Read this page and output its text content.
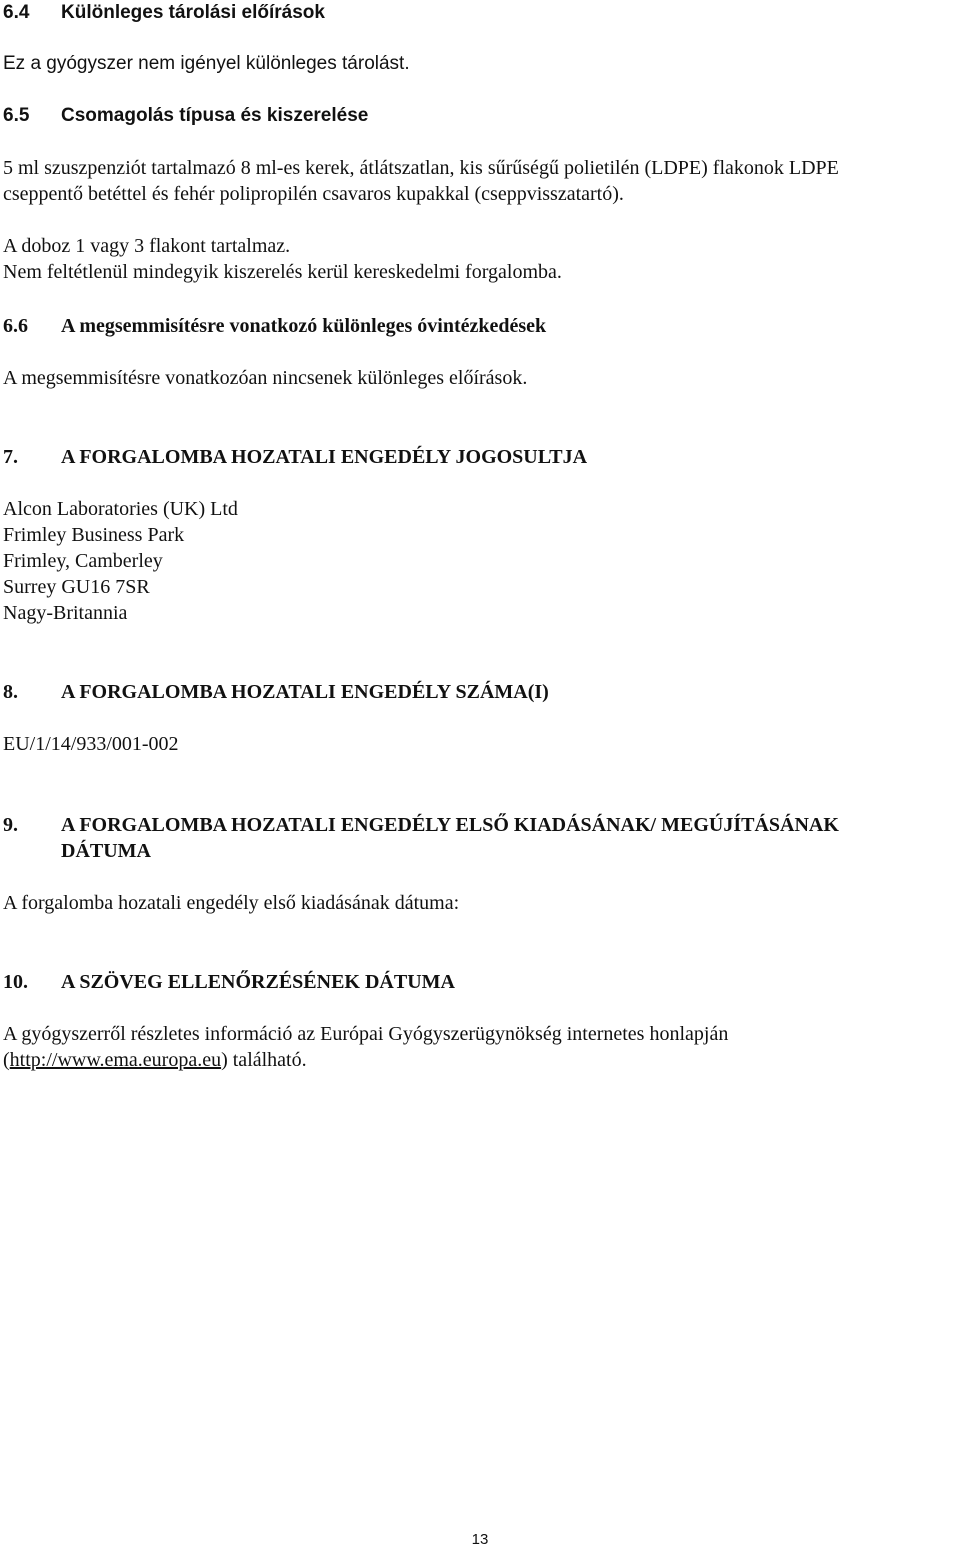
6.4 Különleges tárolási előírások
Ez a gyógyszer nem igényel különleges tárolást.
6.5 Csomagolás típusa és kiszerelése
5 ml szuszpenziót tartalmazó 8 ml-es kerek, átlátszatlan, kis sűrűségű polietilén (LDPE) flakonok LDPE
cseppentő betéttel és fehér polipropilén csavaros kupakkal (cseppvisszatartó).
A doboz 1 vagy 3 flakont tartalmaz.
Nem feltétlenül mindegyik kiszerelés kerül kereskedelmi forgalomba.
6.6 A megsemmisítésre vonatkozó különleges óvintézkedések
A megsemmisítésre vonatkozóan nincsenek különleges előírások.
7. A FORGALOMBA HOZATALI ENGEDÉLY JOGOSULTJA
Alcon Laboratories (UK) Ltd
Frimley Business Park
Frimley, Camberley
Surrey GU16 7SR
Nagy-Britannia
8. A FORGALOMBA HOZATALI ENGEDÉLY SZÁMA(I)
EU/1/14/933/001-002
9. A FORGALOMBA HOZATALI ENGEDÉLY ELSŐ KIADÁSÁNAK/ MEGÚJÍTÁSÁNAK
DÁTUMA
A forgalomba hozatali engedély első kiadásának dátuma:
10. A SZÖVEG ELLENŐRZÉSÉNEK DÁTUMA
A gyógyszerről részletes információ az Európai Gyógyszerügynökség internetes honlapján
(http://www.ema.europa.eu) található.
13
